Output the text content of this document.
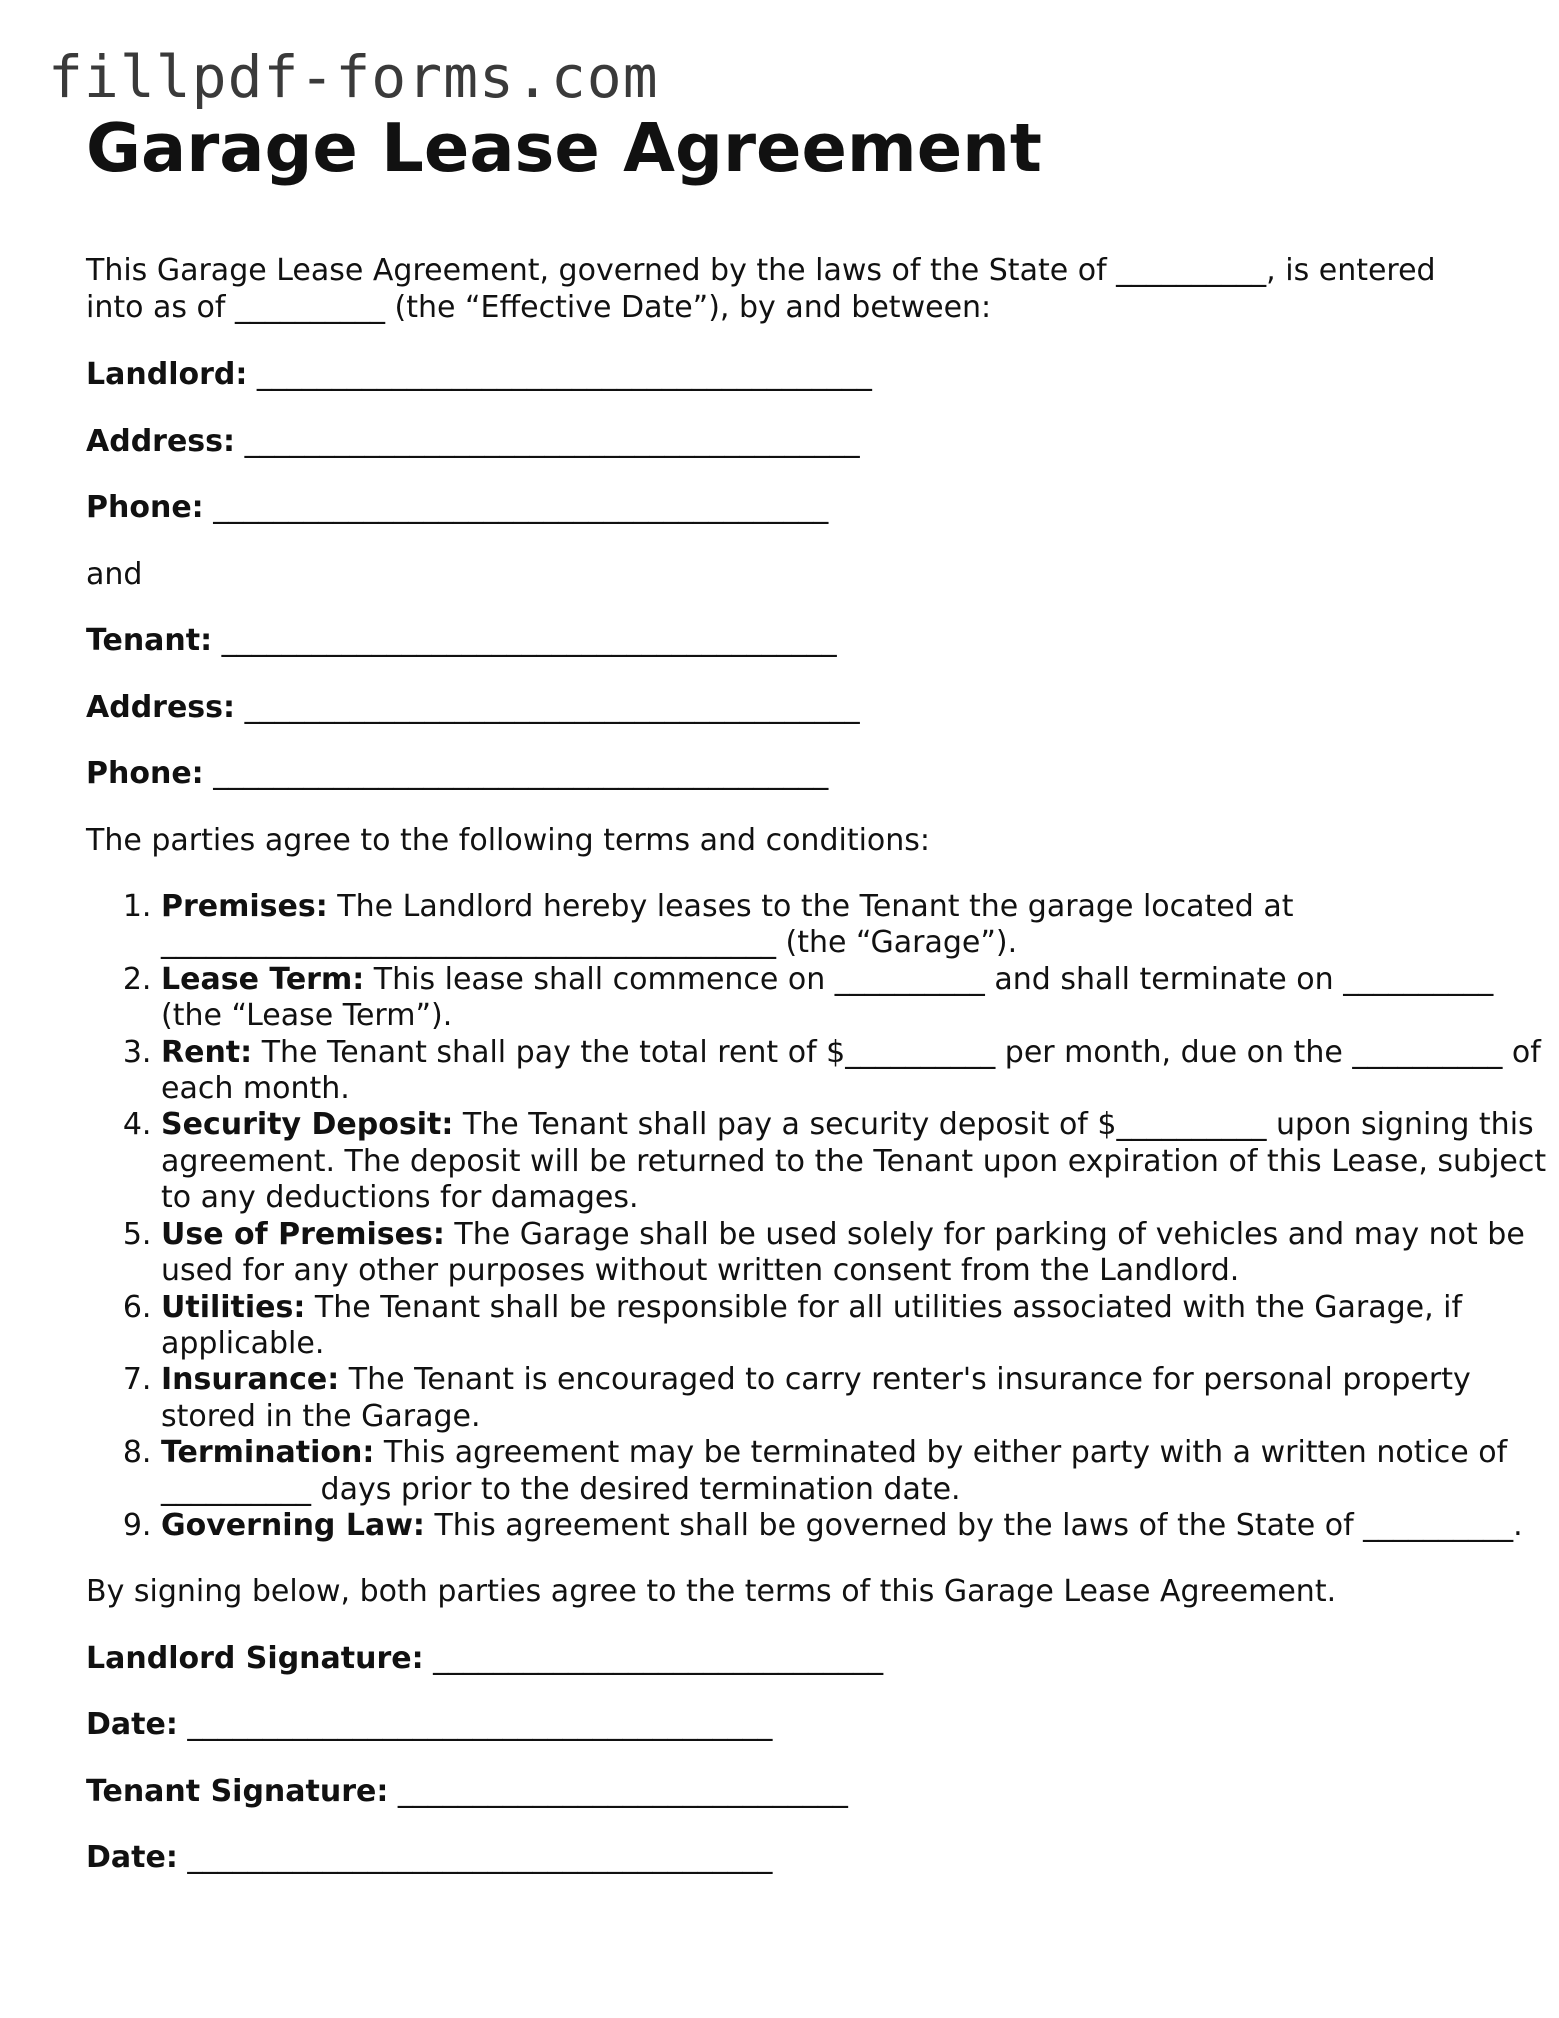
fillpdf-forms.com
Garage Lease Agreement
This Garage Lease Agreement, governed by the laws of the State of __________, is entered into as of __________ (the “Effective Date”), by and between:
Landlord: _________________________________________
Address: _________________________________________
Phone: _________________________________________
and
Tenant: _________________________________________
Address: _________________________________________
Phone: _________________________________________
The parties agree to the following terms and conditions:
1. Premises: The Landlord hereby leases to the Tenant the garage located at _________________________________________ (the “Garage”).
2. Lease Term: This lease shall commence on __________ and shall terminate on __________ (the “Lease Term”).
3. Rent: The Tenant shall pay the total rent of $__________ per month, due on the __________ of each month.
4. Security Deposit: The Tenant shall pay a security deposit of $__________ upon signing this agreement. The deposit will be returned to the Tenant upon expiration of this Lease, subject to any deductions for damages.
5. Use of Premises: The Garage shall be used solely for parking of vehicles and may not be used for any other purposes without written consent from the Landlord.
6. Utilities: The Tenant shall be responsible for all utilities associated with the Garage, if applicable.
7. Insurance: The Tenant is encouraged to carry renter's insurance for personal property stored in the Garage.
8. Termination: This agreement may be terminated by either party with a written notice of __________ days prior to the desired termination date.
9. Governing Law: This agreement shall be governed by the laws of the State of __________.
By signing below, both parties agree to the terms of this Garage Lease Agreement.
Landlord Signature: ______________________________
Date: _______________________________________
Tenant Signature: ______________________________
Date: _______________________________________
